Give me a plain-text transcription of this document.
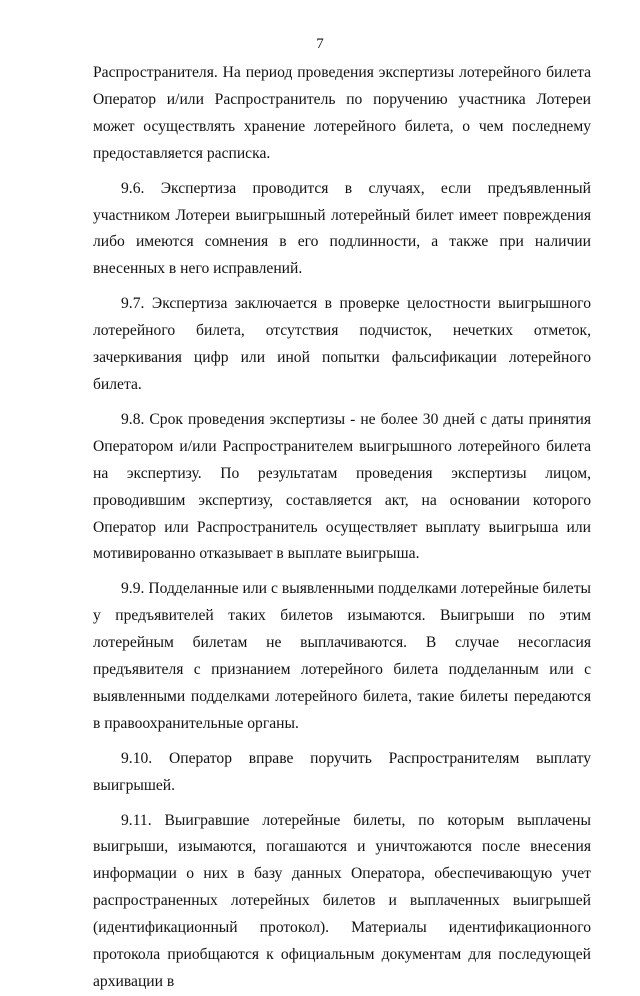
7

Распространителя. На период проведения экспертизы лотерейного билета Оператор и/или Распространитель по поручению участника Лотереи может осуществлять хранение лотерейного билета, о чем последнему предоставляется расписка.

9.6. Экспертиза проводится в случаях, если предъявленный участником Лотереи выигрышный лотерейный билет имеет повреждения либо имеются сомнения в его подлинности, а также при наличии внесенных в него исправлений.

9.7. Экспертиза заключается в проверке целостности выигрышного лотерейного билета, отсутствия подчисток, нечетких отметок, зачеркивания цифр или иной попытки фальсификации лотерейного билета.

9.8. Срок проведения экспертизы - не более 30 дней с даты принятия Оператором и/или Распространителем выигрышного лотерейного билета на экспертизу. По результатам проведения экспертизы лицом, проводившим экспертизу, составляется акт, на основании которого Оператор или Распространитель осуществляет выплату выигрыша или мотивированно отказывает в выплате выигрыша.

9.9. Подделанные или с выявленными подделками лотерейные билеты у предъявителей таких билетов изымаются. Выигрыши по этим лотерейным билетам не выплачиваются. В случае несогласия предъявителя с признанием лотерейного билета подделанным или с выявленными подделками лотерейного билета, такие билеты передаются в правоохранительные органы.

9.10. Оператор вправе поручить Распространителям выплату выигрышей.

9.11. Выигравшие лотерейные билеты, по которым выплачены выигрыши, изымаются, погашаются и уничтожаются после внесения информации о них в базу данных Оператора, обеспечивающую учет распространенных лотерейных билетов и выплаченных выигрышей (идентификационный протокол). Материалы идентификационного протокола приобщаются к официальным документам для последующей архивации в
